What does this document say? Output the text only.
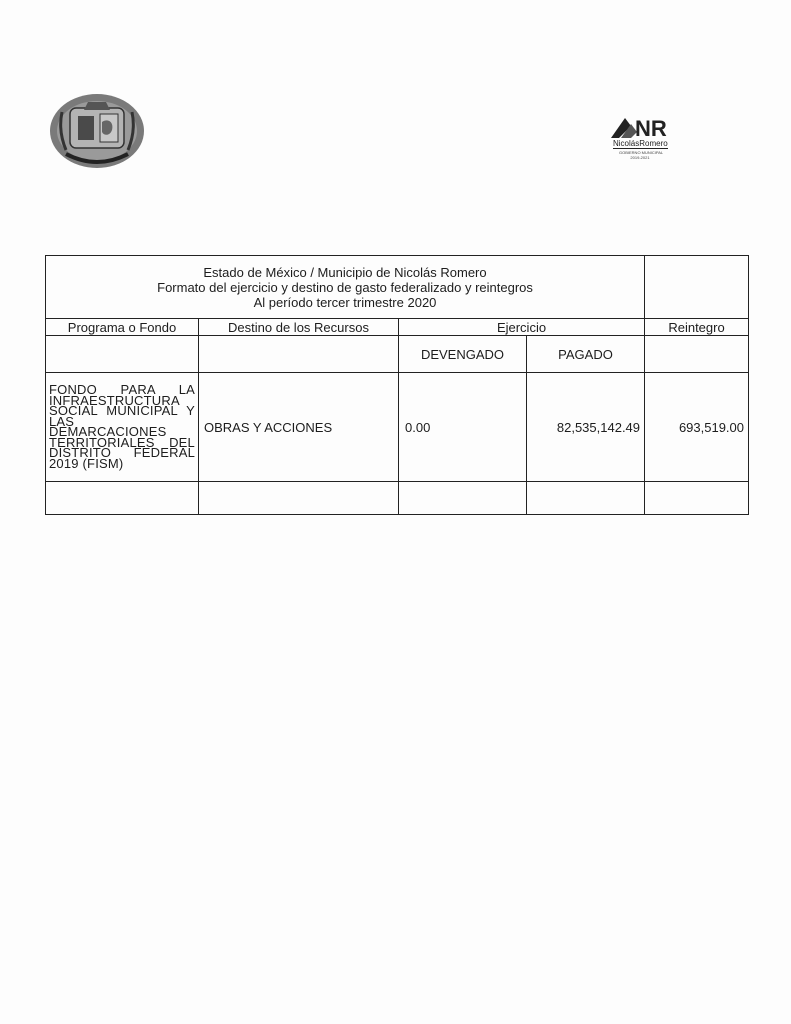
NR
NicolásRomero
GOBIERNO MUNICIPAL
2019-2021
Estado de México / Municipio de Nicolás Romero
Formato del ejercicio y destino de gasto federalizado y reintegros
Al período tercer trimestre 2020				

Programa o Fondo	Destino de los Recursos	Ejercicio		Reintegro
		DEVENGADO	PAGADO	
FONDO PARA LA INFRAESTRUCTURA SOCIAL MUNICIPAL Y LAS DEMARCACIONES TERRITORIALES DEL DISTRITO FEDERAL 2019 (FISM)	OBRAS Y ACCIONES	0.00	82,535,142.49	693,519.00
